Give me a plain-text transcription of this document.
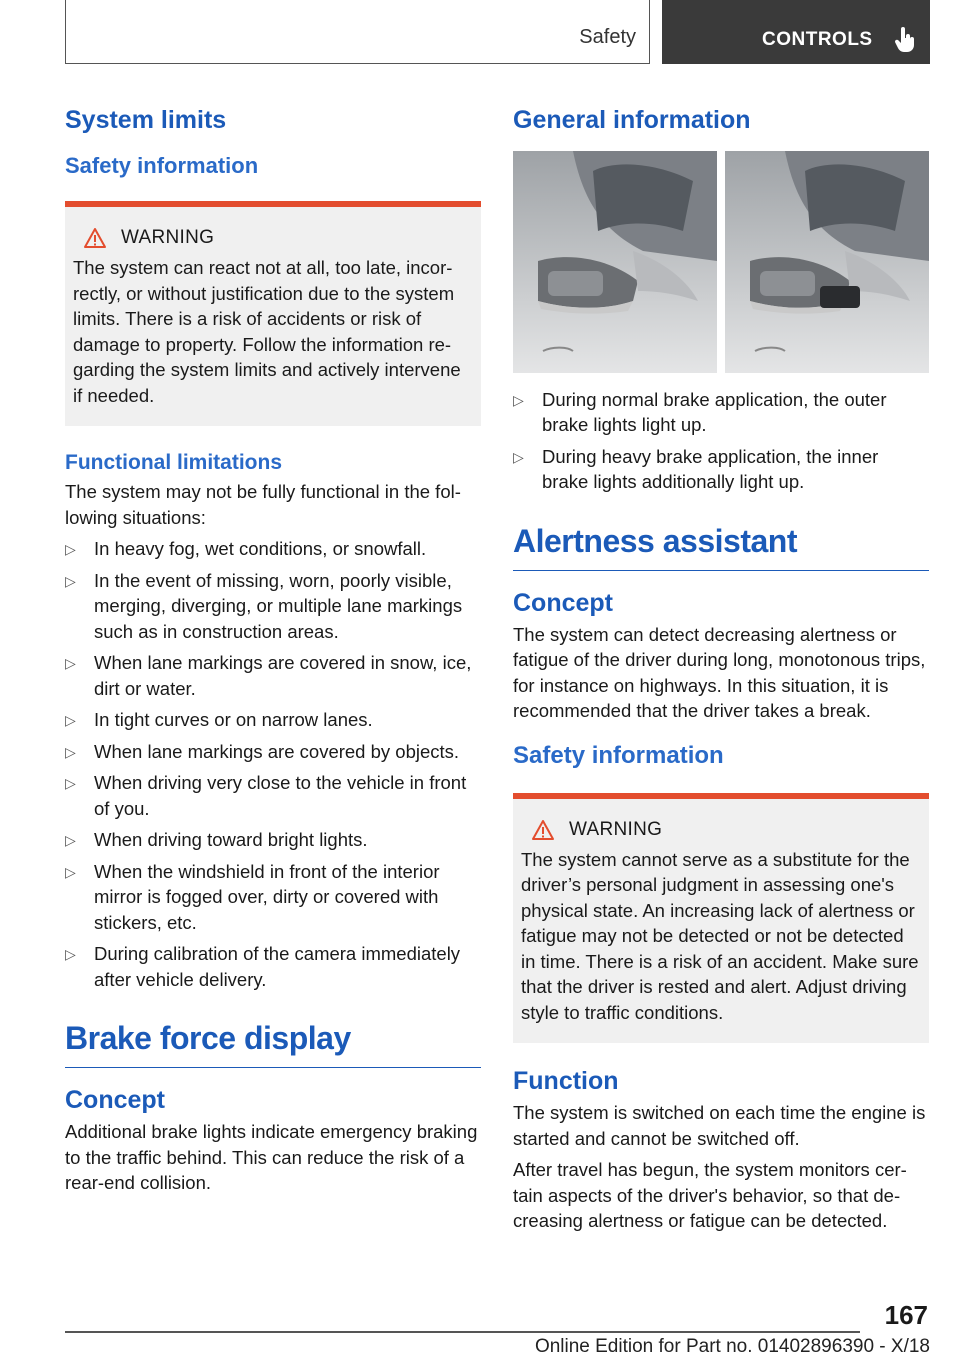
Safety	CONTROLS
System limits
Safety information
WARNING

The system can react not at all, too late, incorrectly, or without justification due to the system limits. There is a risk of accidents or risk of damage to property. Follow the information regarding the system limits and actively intervene if needed.

Functional limitations

The system may not be fully functional in the following situations:

▷ In heavy fog, wet conditions, or snowfall.
▷ In the event of missing, worn, poorly visible, merging, diverging, or multiple lane markings such as in construction areas.
▷ When lane markings are covered in snow, ice, dirt or water.
▷ In tight curves or on narrow lanes.
▷ When lane markings are covered by objects.
▷ When driving very close to the vehicle in front of you.
▷ When driving toward bright lights.
▷ When the windshield in front of the interior mirror is fogged over, dirty or covered with stickers, etc.
▷ During calibration of the camera immediately after vehicle delivery.
Brake force display
Concept

Additional brake lights indicate emergency braking to the traffic behind. This can reduce the risk of a rear-end collision.

General information
▷ During normal brake application, the outer brake lights light up.
▷ During heavy brake application, the inner brake lights additionally light up.
Alertness assistant
Concept

The system can detect decreasing alertness or fatigue of the driver during long, monotonous trips, for instance on highways. In this situation, it is recommended that the driver takes a break.

Safety information
WARNING

The system cannot serve as a substitute for the driver’s personal judgment in assessing one's physical state. An increasing lack of alertness or fatigue may not be detected or not be detected in time. There is a risk of an accident. Make sure that the driver is rested and alert. Adjust driving style to traffic conditions.

Function

The system is switched on each time the engine is started and cannot be switched off.

After travel has begun, the system monitors certain aspects of the driver's behavior, so that decreasing alertness or fatigue can be detected.

167
Online Edition for Part no. 01402896390 - X/18
